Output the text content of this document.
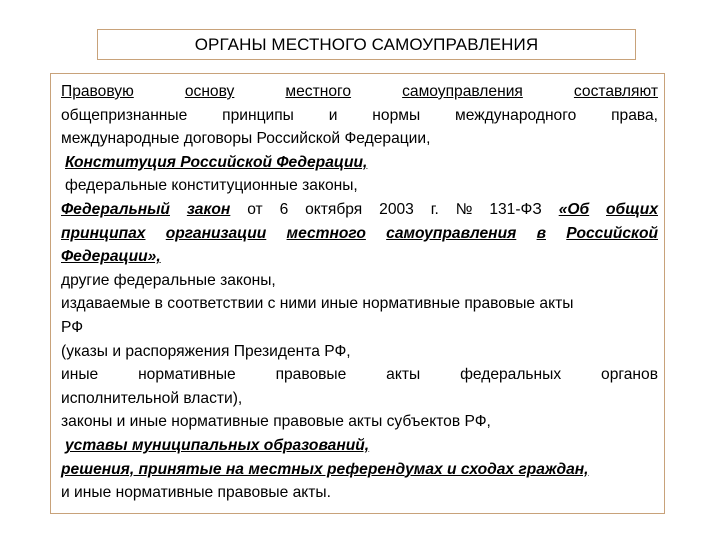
ОРГАНЫ МЕСТНОГО САМОУПРАВЛЕНИЯ
Правовую	основу	местного	самоуправления	составляют
общепризнанные принципы и нормы международного права,
международные договоры Российской Федерации,
Конституция Российской Федерации,
федеральные конституционные законы,
Федеральный закон от 6 октября 2003 г. № 131-ФЗ «Об общих
принципах организации местного самоуправления в Российской
Федерации»,
другие федеральные законы,
издаваемые в соответствии с ними иные нормативные правовые акты
РФ
(указы и распоряжения Президента РФ,
иные	нормативные	правовые	акты	федеральных	органов
исполнительной власти),
законы и иные нормативные правовые акты субъектов РФ,
уставы муниципальных образований,
решения, принятые на местных референдумах и сходах граждан,
и иные нормативные правовые акты.
